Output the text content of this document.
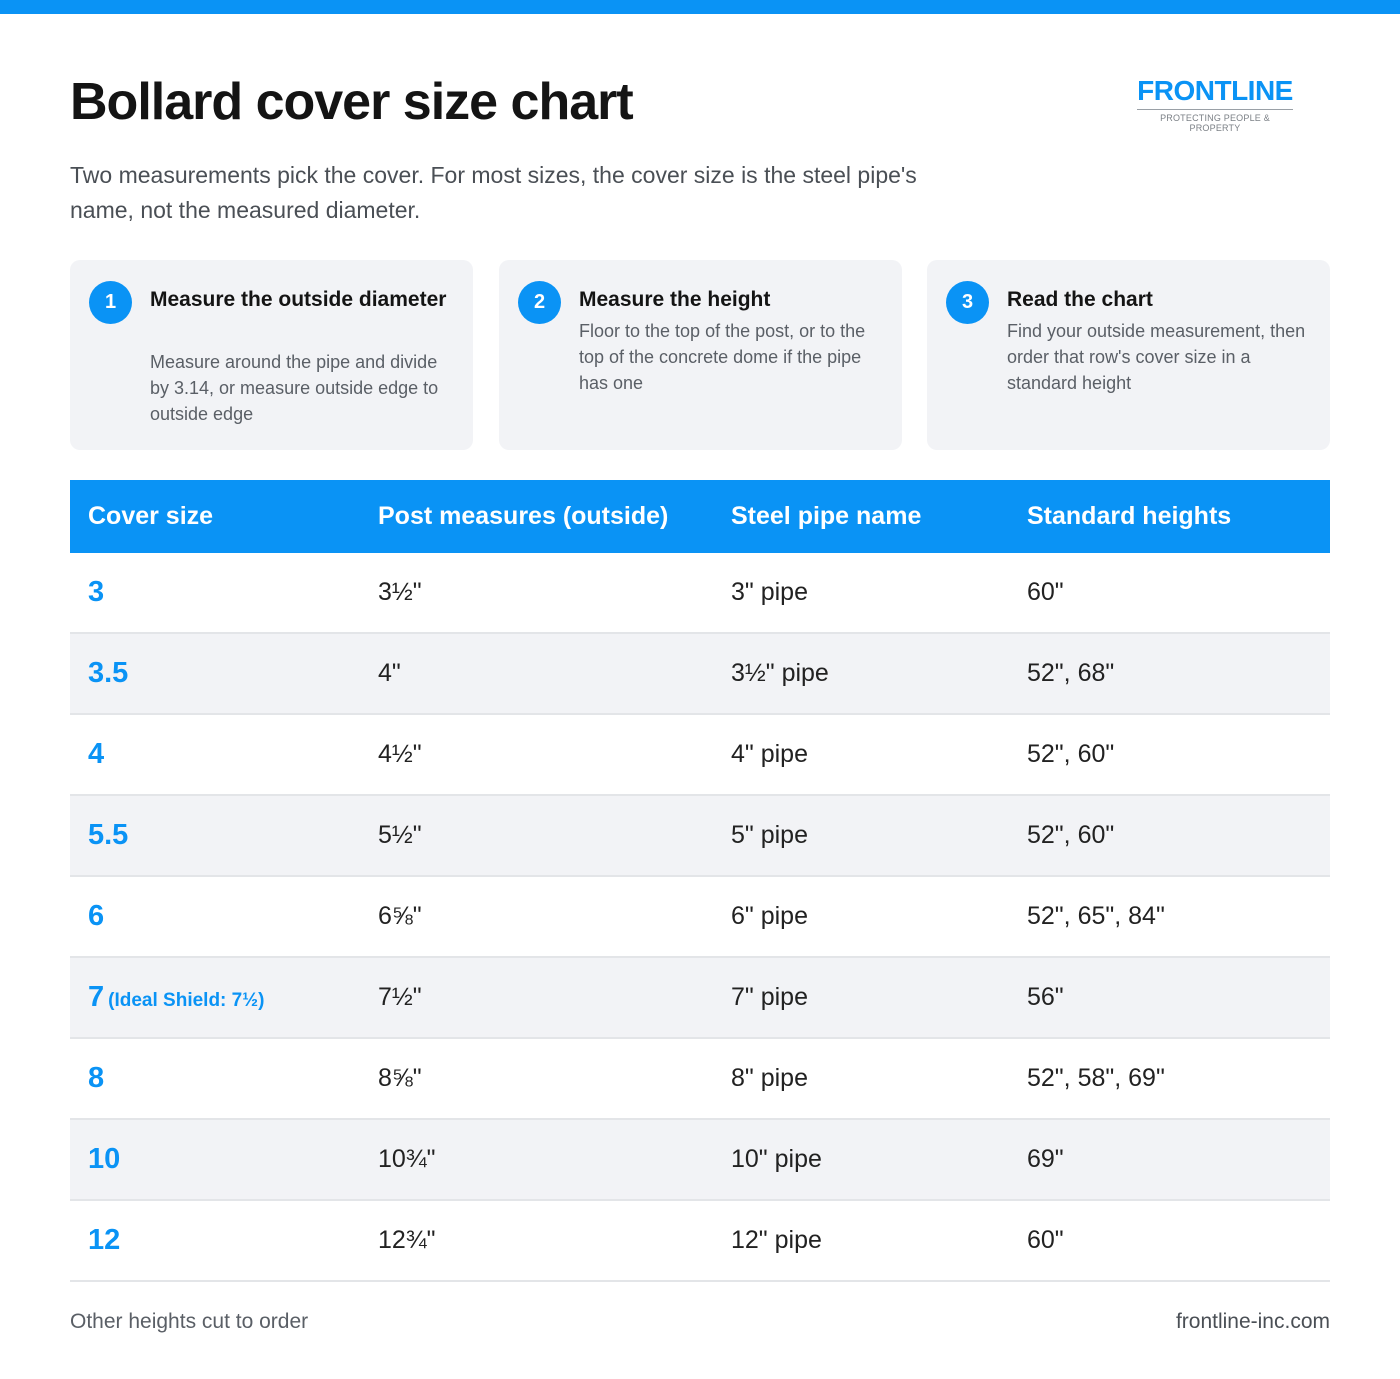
Bollard cover size chart	FRONTLINE
PROTECTING PEOPLE & PROPERTY

Two measurements pick the cover. For most sizes, the cover size is the steel pipe's name, not the measured diameter.

1	Measure the outside diameter
Measure around the pipe and divide by 3.14, or measure outside edge to outside edge
2	Measure the height
Floor to the top of the post, or to the top of the concrete dome if the pipe has one
3	Read the chart
Find your outside measurement, then order that row's cover size in a standard height
Cover size	Post measures (outside)	Steel pipe name	Standard heights
3	3½"	3" pipe	60"
3.5	4"	3½" pipe	52", 68"
4	4½"	4" pipe	52", 60"
5.5	5½"	5" pipe	52", 60"
6	6⅝"	6" pipe	52", 65", 84"
7 (Ideal Shield: 7½)	7½"	7" pipe	56"
8	8⅝"	8" pipe	52", 58", 69"
10	10¾"	10" pipe	69"
12	12¾"	12" pipe	60"
Other heights cut to order	frontline-inc.com
